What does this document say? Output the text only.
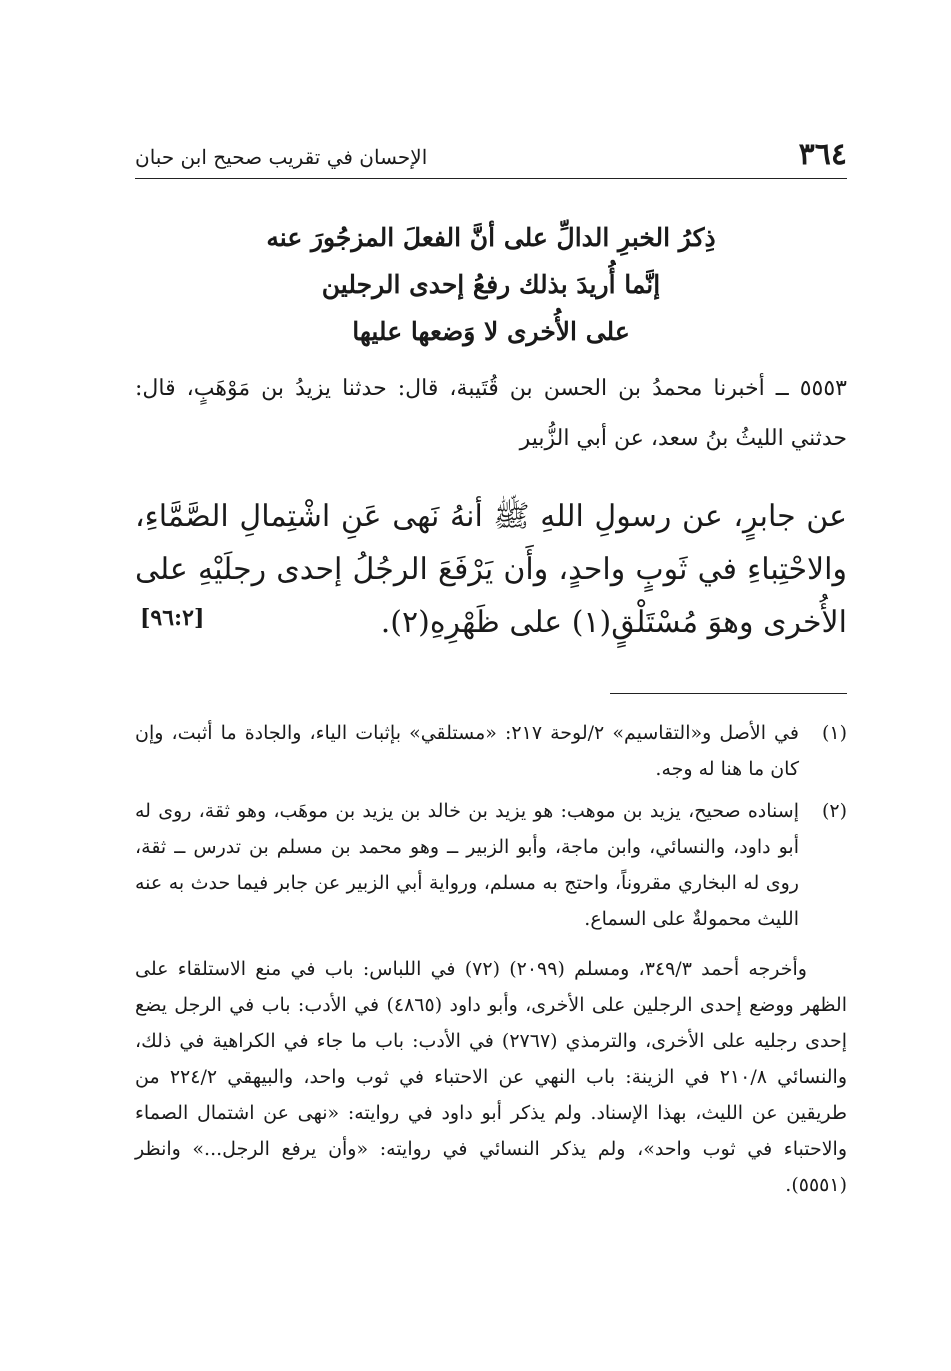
٣٦٤
الإحسان في تقريب صحيح ابن حبان
ذِكرُ الخبرِ الدالِّ على أنَّ الفعلَ المزجُورَ عنه
إنَّما أُريدَ بذلك رفعُ إحدى الرجلين
على الأُخرى لا وَضعها عليها
٥٥٥٣ ــ أخبرنا محمدُ بن الحسن بن قُتَيبة، قال: حدثنا يزيدُ بن مَوْهَبٍ، قال: حدثني الليثُ بنُ سعد، عن أبي الزُّبير
عن جابرٍ، عن رسولِ اللهِ ﷺ أنهُ نَهى عَنِ اشْتِمالِ الصَّمَّاءِ، والاحْتِباءِ في ثَوبٍ واحدٍ، وأَن يَرْفَعَ الرجُلُ إحدى رجلَيْهِ على الأُخرى وهوَ مُسْتَلْقٍ(١) على ظَهْرِهِ(٢).
[٩٦:٢]
(١)
في الأصل و«التقاسيم» ٢/لوحة ٢١٧: «مستلقي» بإثبات الياء، والجادة ما أثبت، وإن كان ما هنا له وجه.
(٢)
إسناده صحيح، يزيد بن موهب: هو يزيد بن خالد بن يزيد بن موهَب، وهو ثقة، روى له أبو داود، والنسائي، وابن ماجة، وأبو الزبير ــ وهو محمد بن مسلم بن تدرس ــ ثقة، روى له البخاري مقروناً، واحتج به مسلم، ورواية أبي الزبير عن جابر فيما حدث به عنه الليث محمولةٌ على السماع.
وأخرجه أحمد ٣٤٩/٣، ومسلم (٢٠٩٩) (٧٢) في اللباس: باب في منع الاستلقاء على الظهر ووضع إحدى الرجلين على الأخرى، وأبو داود (٤٨٦٥) في الأدب: باب في الرجل يضع إحدى رجليه على الأخرى، والترمذي (٢٧٦٧) في الأدب: باب ما جاء في الكراهية في ذلك، والنسائي ٢١٠/٨ في الزينة: باب النهي عن الاحتباء في ثوب واحد، والبيهقي ٢٢٤/٢ من طريقين عن الليث، بهذا الإسناد. ولم يذكر أبو داود في روايته: «نهى عن اشتمال الصماء والاحتباء في ثوب واحد»، ولم يذكر النسائي في روايته: «وأن يرفع الرجل...» وانظر (٥٥٥١).
